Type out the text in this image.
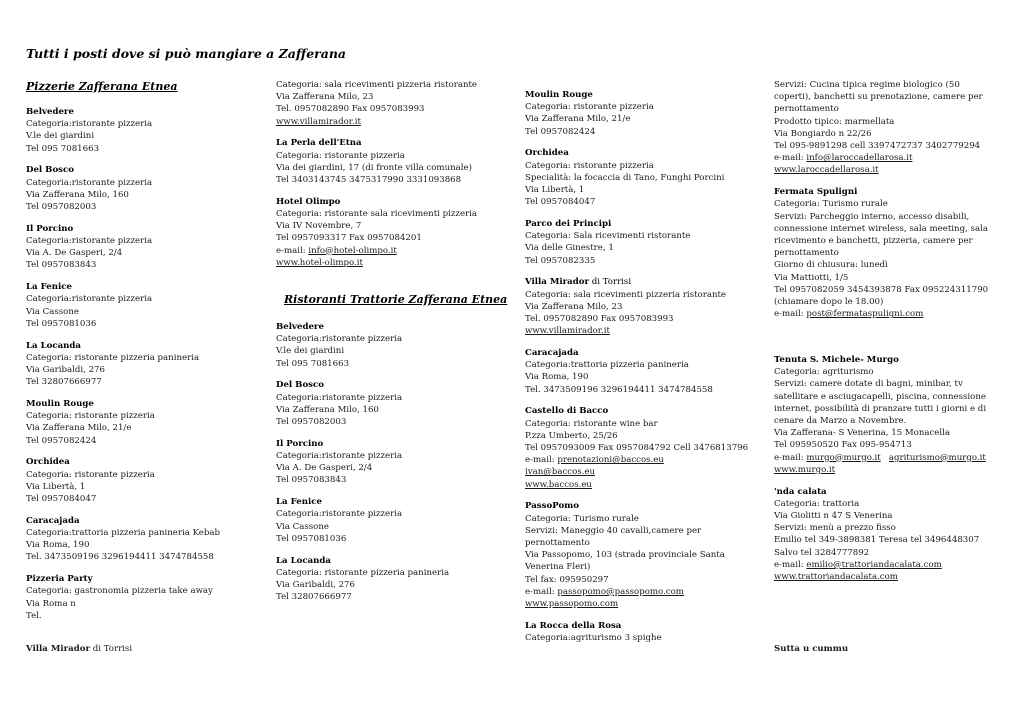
Tutti i posti dove si può mangiare a Zafferana
Pizzerie Zafferana Etnea
Belvedere
Categoria:ristorante pizzeria
V.le dei giardini
Tel 095 7081663
Del Bosco
Categoria:ristorante pizzeria
Via Zafferana Milo, 160
Tel 0957082003
Il Porcino
Categoria:ristorante pizzeria
Via A. De Gasperi, 2/4
Tel 0957083843
La Fenice
Categoria:ristorante pizzeria
Via Cassone
Tel 0957081036
La Locanda
Categoria: ristorante pizzeria panineria
Via Garibaldi, 276
Tel 32807666977
Moulin Rouge
Categoria: ristorante pizzeria
Via Zafferana Milo, 21/e
Tel 0957082424
Orchidea
Categoria: ristorante pizzeria
Via Libertà, 1
Tel 0957084047
Caracajada
Categoria:trattoria pizzeria panineria Kebab
Via Roma, 190
Tel. 3473509196 3296194411 3474784558
Pizzeria Party
Categoria: gastronomia pizzeria take away
Via Roma n
Tel.
Villa Mirador di Torrisi
Categoria: sala ricevimenti pizzeria ristorante
Via Zafferana Milo, 23
Tel. 0957082890 Fax 0957083993
www.villamirador.it
La Perla dell'Etna
Categoria: ristorante pizzeria
Via dei giardini, 17 (di fronte villa comunale)
Tel 3403143745 3475317990 3331093868
Hotel Olimpo
Categoria: ristorante sala ricevimenti pizzeria
Via IV Novembre, 7
Tel 0957093317 Fax 0957084201
e-mail: info@hotel-olimpo.it
www.hotel-olimpo.it
Ristoranti Trattorie Zafferana Etnea
Belvedere
Categoria:ristorante pizzeria
V.le dei giardini
Tel 095 7081663
Del Bosco
Categoria:ristorante pizzeria
Via Zafferana Milo, 160
Tel 0957082003
Il Porcino
Categoria:ristorante pizzeria
Via A. De Gasperi, 2/4
Tel 0957083843
La Fenice
Categoria:ristorante pizzeria
Via Cassone
Tel 0957081036
La Locanda
Categoria: ristorante pizzeria panineria
Via Garibaldi, 276
Tel 32807666977
Moulin Rouge
Categoria: ristorante pizzeria
Via Zafferana Milo, 21/e
Tel 0957082424
Orchidea
Categoria: ristorante pizzeria
Specialità: la focaccia di Tano, Funghi Porcini
Via Libertà, 1
Tel 0957084047
Parco dei Principi
Categoria: Sala ricevimenti ristorante
Via delle Ginestre, 1
Tel 0957082335
Villa Mirador di Torrisi
Categoria: sala ricevimenti pizzeria ristorante
Via Zafferana Milo, 23
Tel. 0957082890 Fax 0957083993
www.villamirador.it
Caracajada
Categoria:trattoria pizzeria panineria
Via Roma, 190
Tel. 3473509196 3296194411 3474784558
Castello di Bacco
Categoria: ristorante wine bar
P.zza Umberto, 25/26
Tel 0957093009 Fax 0957084792 Cell 3476813796
e-mail: prenotazioni@baccos.eu
ivan@baccos.eu
www.baccos.eu
PassoPomo
Categoria: Turismo rurale
Servizi: Maneggio 40 cavalli,camere per pernottamento
Via Passopomo, 103 (strada provinciale Santa Venerina Fleri)
Tel fax: 095950297
e-mail: passopomo@passopomo.com
www.passopomo.com
La Rocca della Rosa
Categoria:agriturismo 3 spighe
Servizi: Cucina tipica regime biologico (50 coperti), banchetti su prenotazione, camere per pernottamento
Prodotto tipico: marmellata
Via Bongiardo n 22/26
Tel 095-9891298 cell 3397472737 3402779294
e-mail: info@laroccadellarosa.it
www.laroccadellarosa.it
Fermata Spuligni
Categoria: Turismo rurale
Servizi: Parcheggio interno, accesso disabili, connessione internet wireless, sala meeting, sala ricevimento e banchetti, pizzeria, camere per pernottamento
Giorno di chiusura: lunedì
Via Mattiotti, 1/5
Tel 0957082059 3454393878 Fax 095224311790 (chiamare dopo le 18.00)
e-mail: post@fermataspuligni.com
Tenuta S. Michele- Murgo
Categoria: agriturismo
Servizi: camere dotate di bagni, minibar, tv satellitare e asciugacapelli, piscina, connessione internet, possibilità di pranzare tutti i giorni e di cenare da Marzo a Novembre.
Via Zafferana- S Venerina, 15 Monacella
Tel 095950520 Fax 095-954713
e-mail: murgo@murgo.it agriturismo@murgo.it
www.murgo.it
'nda calata
Categoria: trattoria
Via Giolitti n 47 S Venerina
Servizi: menù a prezzo fisso
Emilio tel 349-3898381 Teresa tel 3496448307
Salvo tel 3284777892
e-mail: emilio@trattoriandacalata.com
www.trattoriandacalata.com
Sutta u cummu
